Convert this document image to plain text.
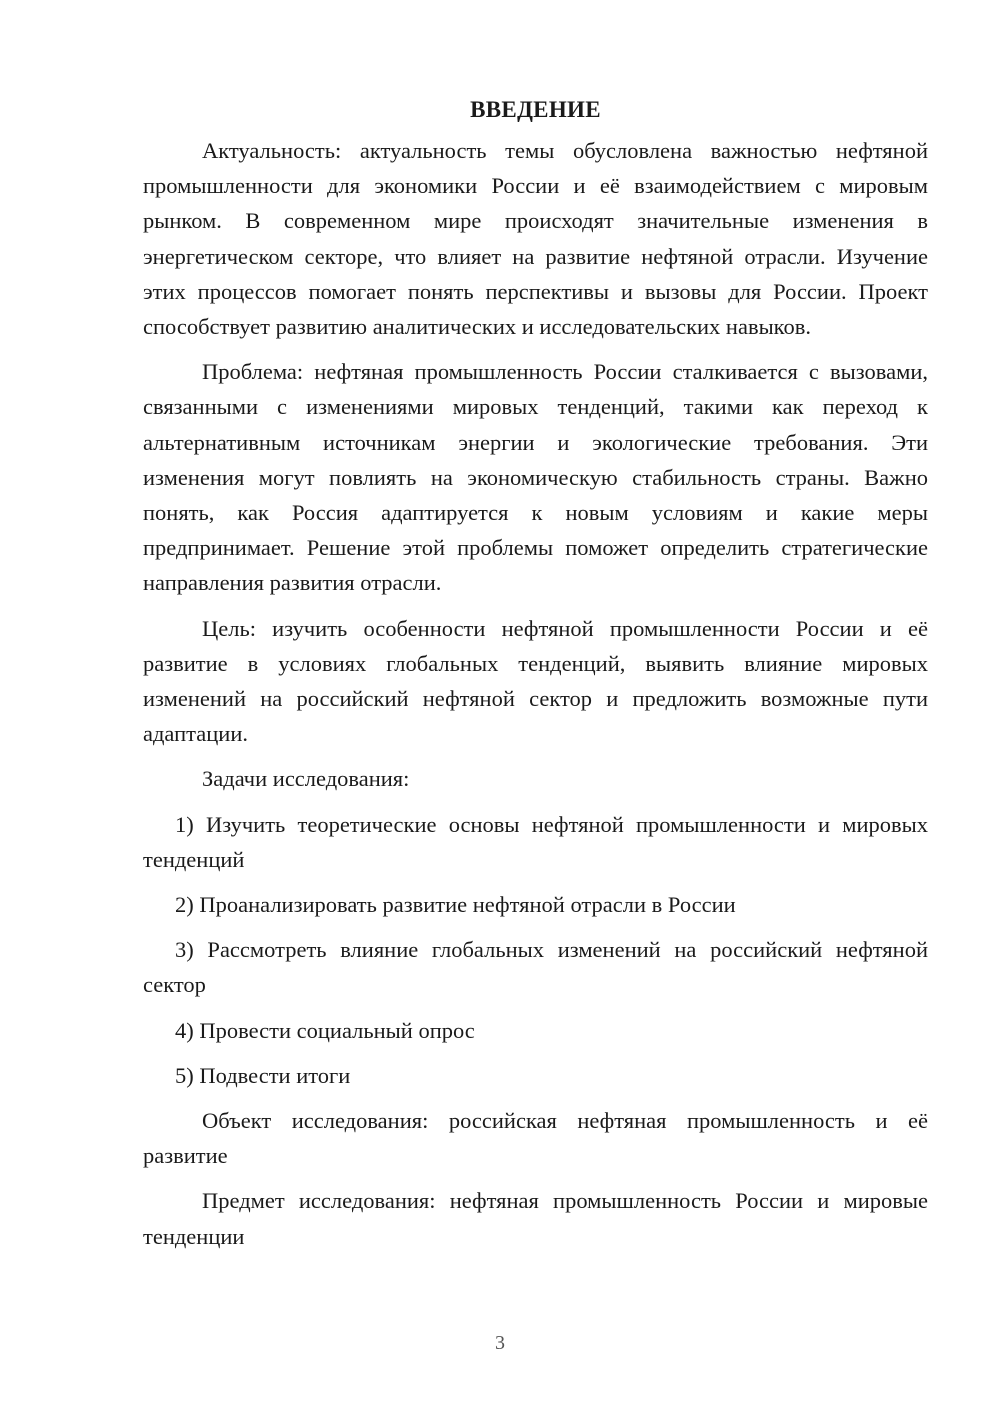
ВВЕДЕНИЕ

Актуальность: актуальность темы обусловлена важностью нефтяной промышленности для экономики России и её взаимодействием с мировым рынком. В современном мире происходят значительные изменения в энергетическом секторе, что влияет на развитие нефтяной отрасли. Изучение этих процессов помогает понять перспективы и вызовы для России. Проект способствует развитию аналитических и исследовательских навыков.

Проблема: нефтяная промышленность России сталкивается с вызовами, связанными с изменениями мировых тенденций, такими как переход к альтернативным источникам энергии и экологические требования. Эти изменения могут повлиять на экономическую стабильность страны. Важно понять, как Россия адаптируется к новым условиям и какие меры предпринимает. Решение этой проблемы поможет определить стратегические направления развития отрасли.

Цель: изучить особенности нефтяной промышленности России и её развитие в условиях глобальных тенденций, выявить влияние мировых изменений на российский нефтяной сектор и предложить возможные пути адаптации.

Задачи исследования:

1) Изучить теоретические основы нефтяной промышленности и мировых тенденций

2) Проанализировать развитие нефтяной отрасли в России

3) Рассмотреть влияние глобальных изменений на российский нефтяной сектор

4) Провести социальный опрос

5) Подвести итоги

Объект исследования: российская нефтяная промышленность и её развитие

Предмет исследования: нефтяная промышленность России и мировые тенденции

3
